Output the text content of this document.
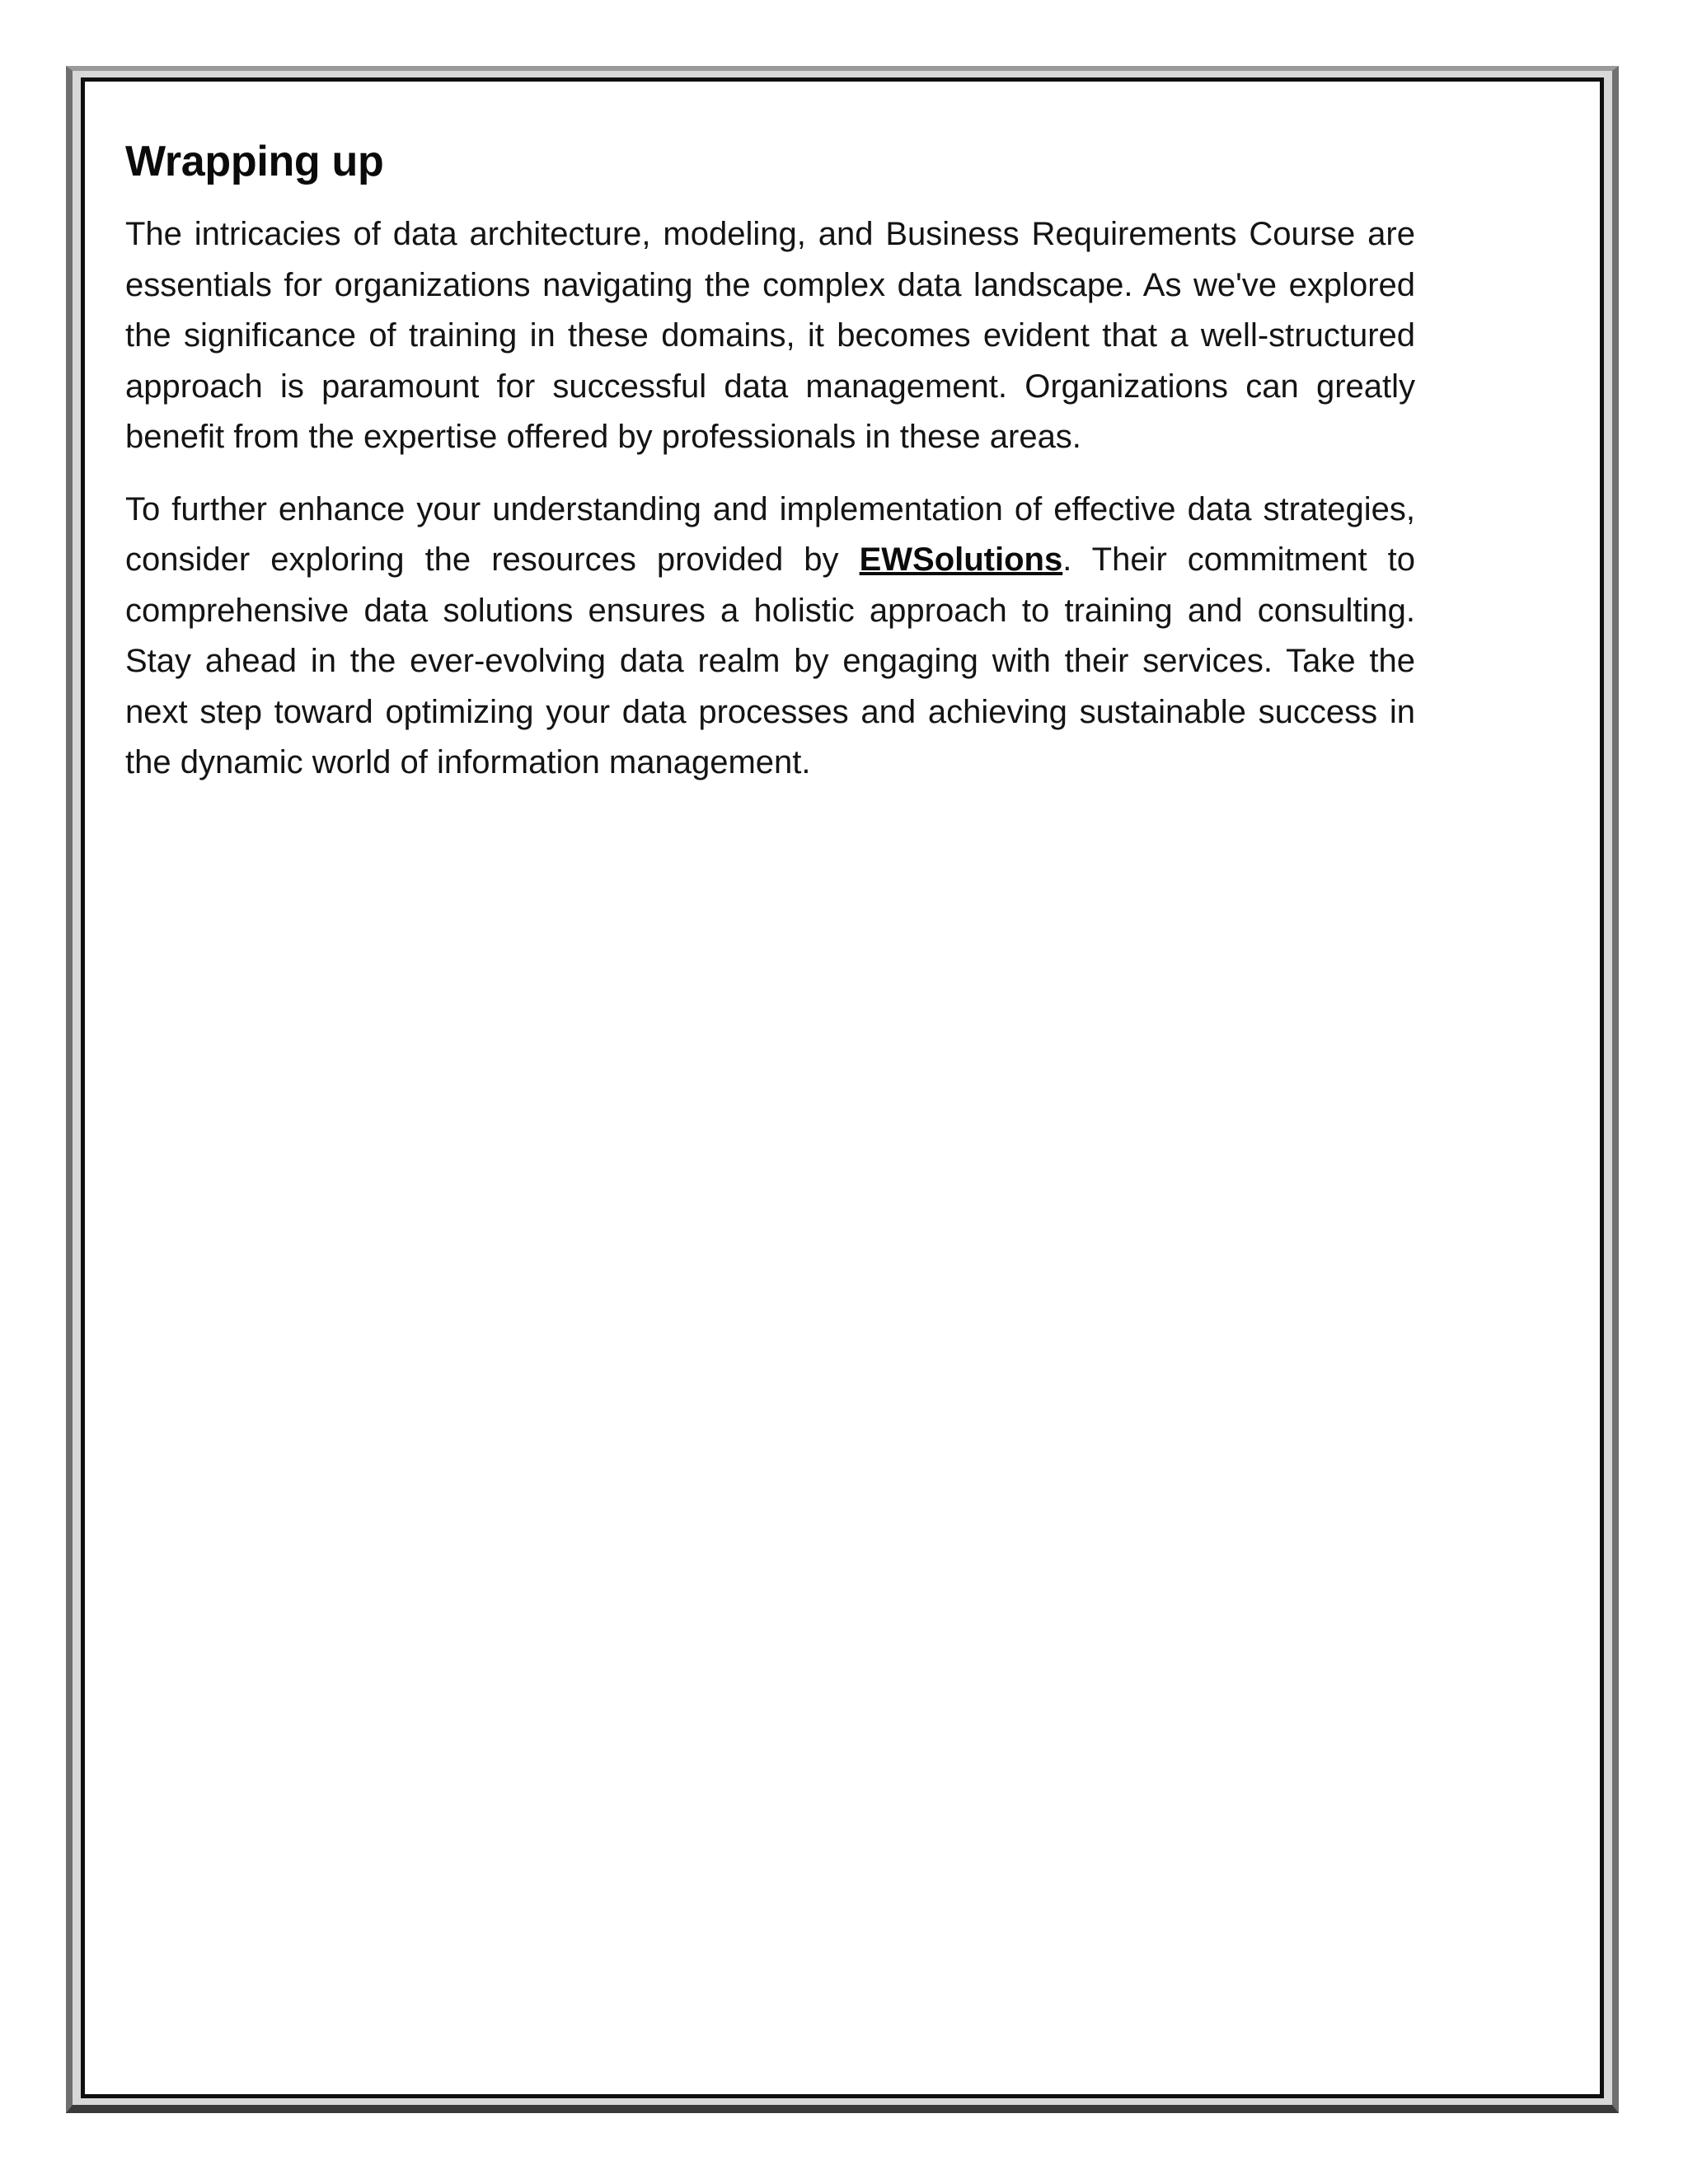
Wrapping up

The intricacies of data architecture, modeling, and Business Requirements Course are essentials for organizations navigating the complex data landscape. As we've explored the significance of training in these domains, it becomes evident that a well-structured approach is paramount for successful data management. Organizations can greatly benefit from the expertise offered by professionals in these areas.

To further enhance your understanding and implementation of effective data strategies, consider exploring the resources provided by EWSolutions. Their commitment to comprehensive data solutions ensures a holistic approach to training and consulting. Stay ahead in the ever-evolving data realm by engaging with their services. Take the next step toward optimizing your data processes and achieving sustainable success in the dynamic world of information management.
